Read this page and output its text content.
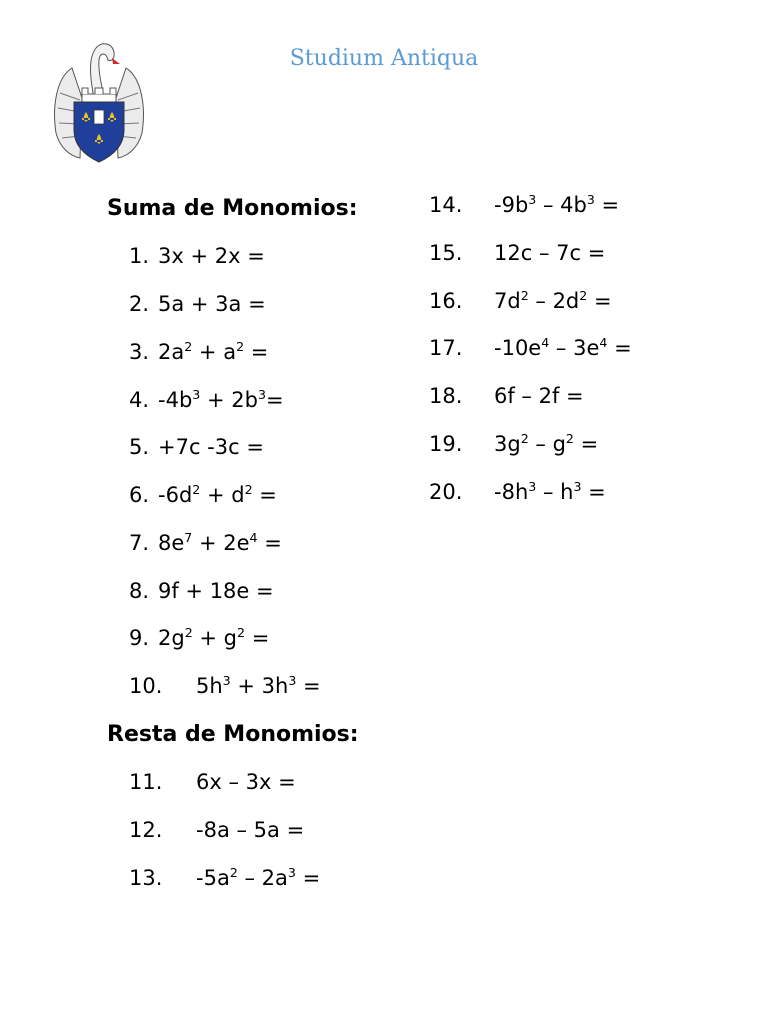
Studium Antiqua
Suma de Monomios:
Resta de Monomios:
1. 3x + 2x =
2. 5a + 3a =
3. $2a^2 + a^2$ =
4. $-4b^3 + 2b^3=$
5. +7c -3c =
6. $-6d^2 + d^2$ =
7. $8e^7 + 2e^4$ =
8. 9f + 18e =
9. $2g^2 + g^2$ =
10. $5h^3 + 3h^3$ =
11. 6x – 3x =
12. -8a – 5a =
13. $-5a^2 - 2a^3$ =
14. $-9b^3 - 4b^3$ =
15. 12c – 7c =
16. $7d^2 - 2d^2$ =
17. $-10e^4 - 3e^4$ =
18. 6f – 2f =
19. $3g^2 - g^2$ =
20. $-8h^3 - h^3$ =
